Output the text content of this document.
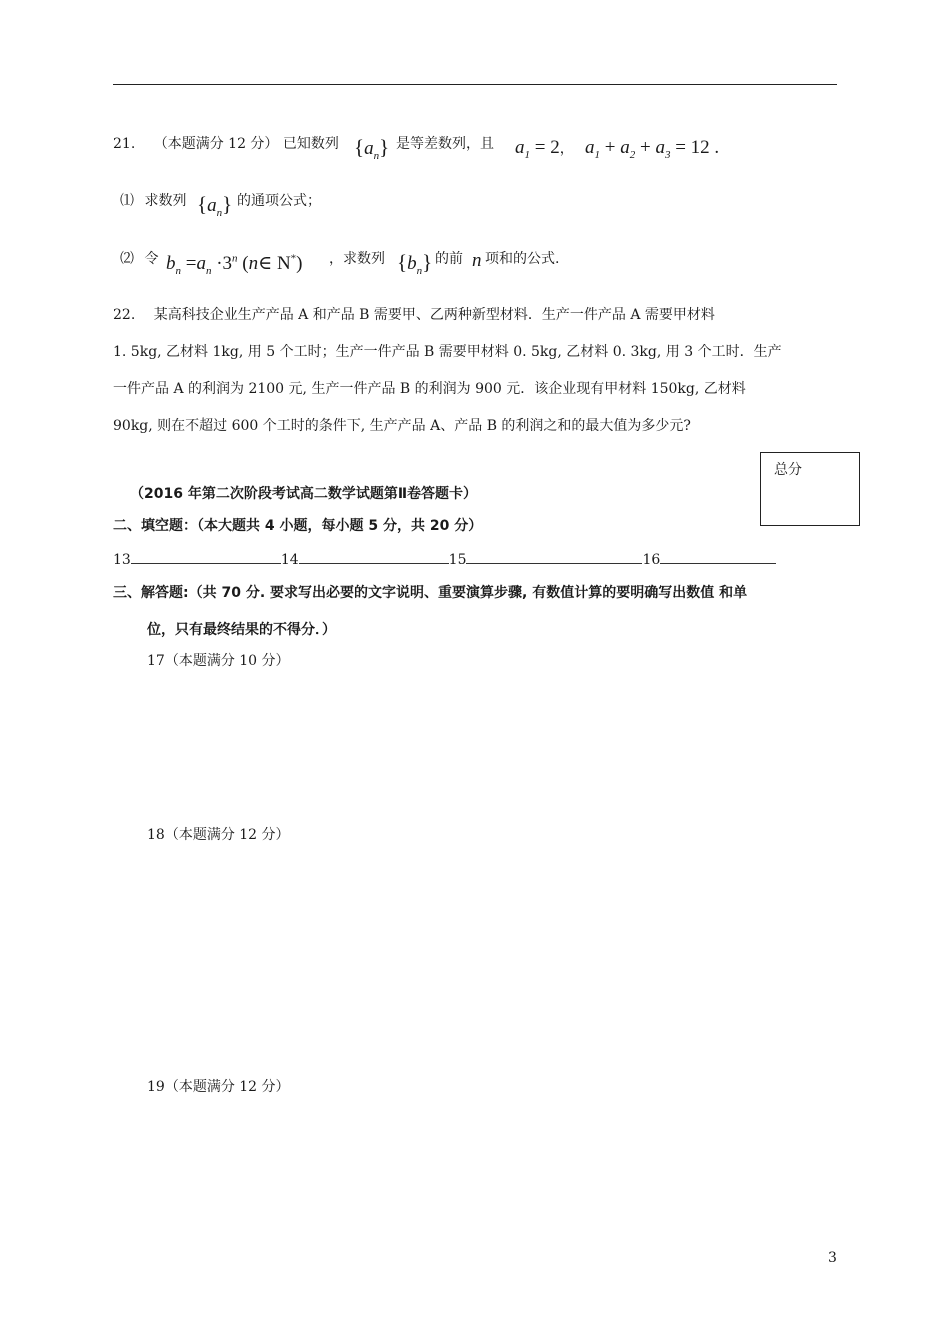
21. （本题满分 12 分） 已知数列 $\{a_n\}$ 是等差数列，且 $a_1 = 2$， $a_1 + a_2 + a_3 = 12$ .
⑴ 求数列 $\{a_n\}$ 的通项公式；
⑵ 令 $b_n =a_n \cdot 3^n$ (n∈ N*) ，求数列 $\{b_n\}$ 的前 n 项和的公式.
22. 某高科技企业生产产品 A 和产品 B 需要甲、乙两种新型材料．生产一件产品 A 需要甲材料
1. 5kg, 乙材料 1kg, 用 5 个工时；生产一件产品 B 需要甲材料 0. 5kg, 乙材料 0. 3kg, 用 3 个工时．生产
一件产品 A 的利润为 2100 元, 生产一件产品 B 的利润为 900 元．该企业现有甲材料 150kg, 乙材料
90kg, 则在不超过 600 个工时的条件下, 生产产品 A、产品 B 的利润之和的最大值为多少元?
总分
（2016 年第二次阶段考试高二数学试题第Ⅱ卷答题卡）
二、填空题：（本大题共 4 小题，每小题 5 分，共 20 分）
13	14	15	16
三、解答题:（共 70 分. 要求写出必要的文字说明、重要演算步骤, 有数值计算的要明确写出数值 和单
位，只有最终结果的不得分．）
17（本题满分 10 分）
18（本题满分 12 分）
19（本题满分 12 分）
3
